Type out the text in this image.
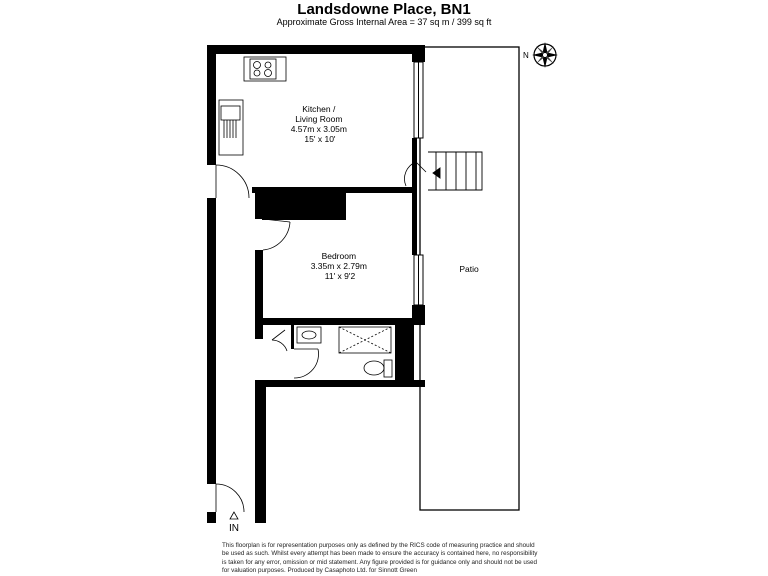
Landsdowne Place, BN1
Approximate Gross Internal Area = 37 sq m / 399 sq ft
N
Kitchen / Living Room 4.57m x 3.05m 15' x 10'
Bedroom 3.35m x 2.79m 11' x 9'2
Patio
IN
This floorplan is for representation purposes only as defined by the RICS code of measuring practice and should be used as such. Whilst every attempt has been made to ensure the accuracy is contained here, no responsibility is taken for any error, omission or mid statement. Any figure provided is for guidance only and should not be used for valuation purposes. Produced by Casaphoto Ltd. for Sinnott Green
